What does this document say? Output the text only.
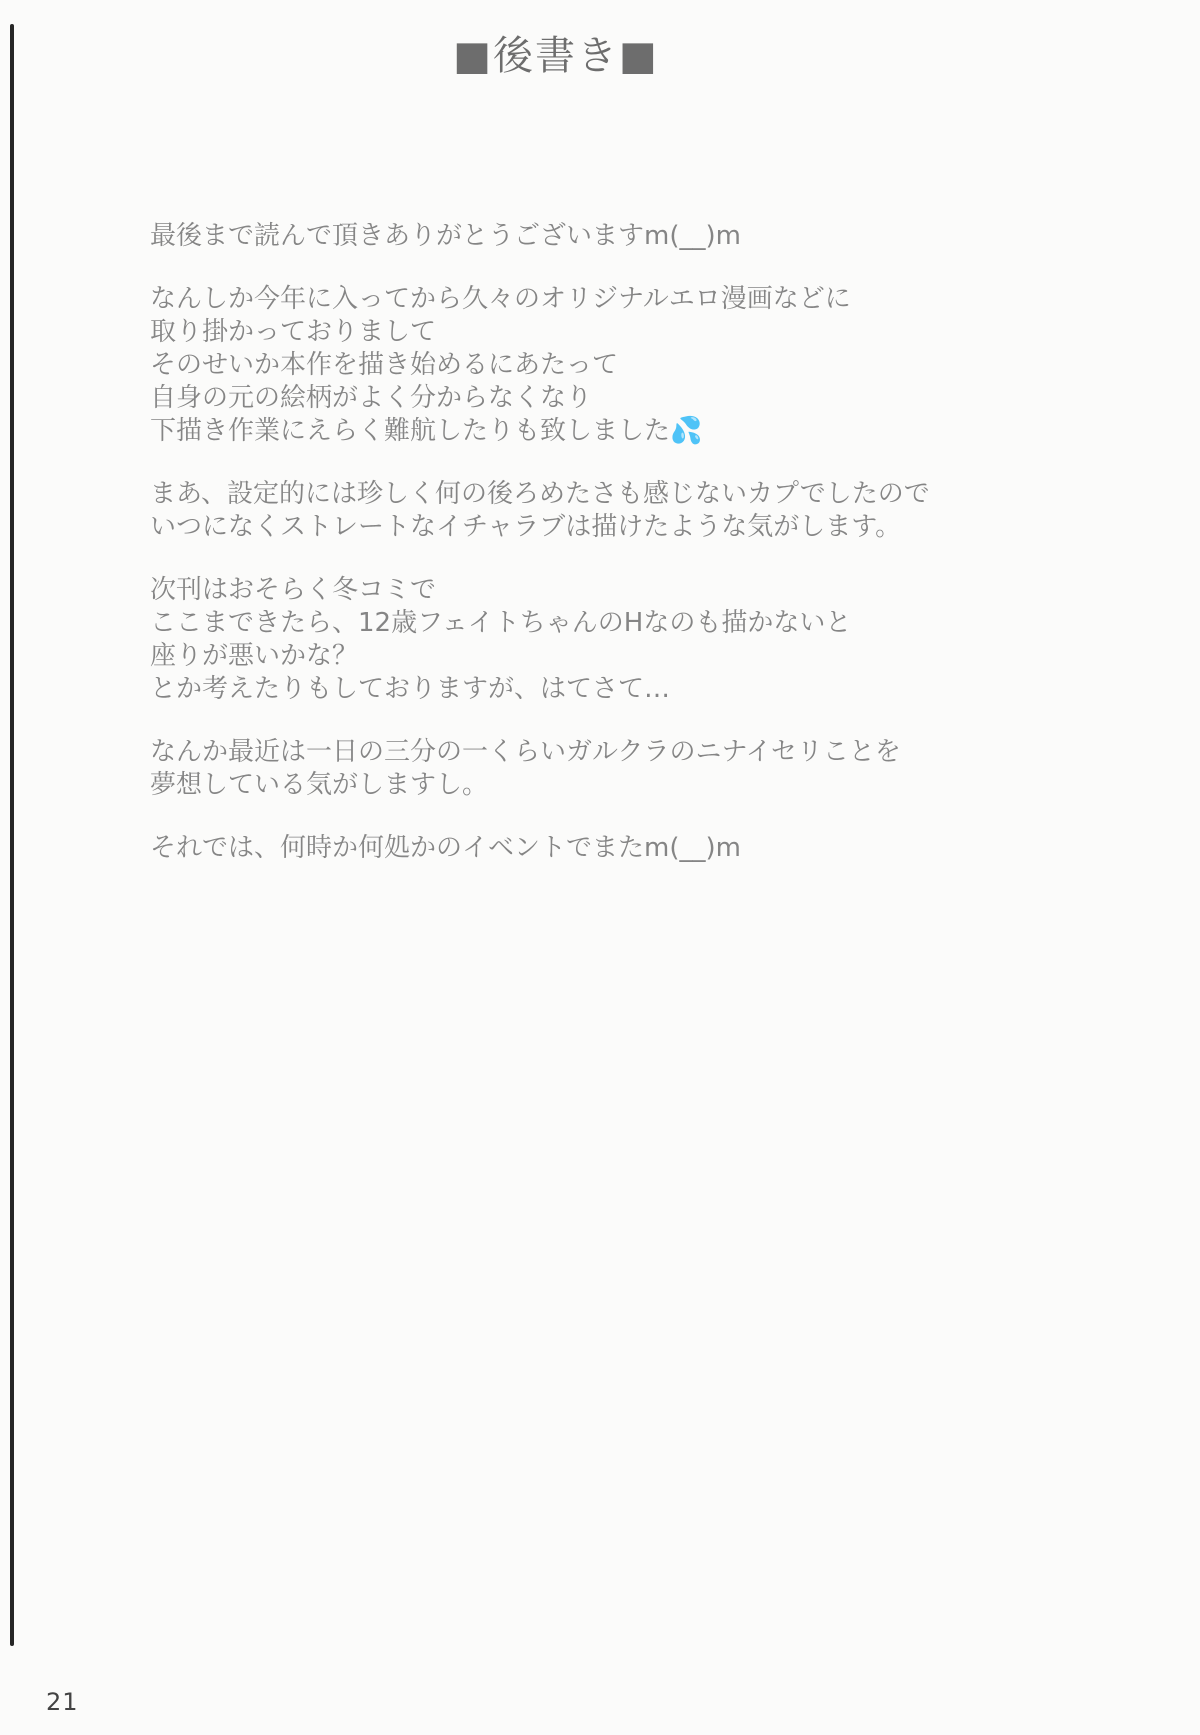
■後書き■

最後まで読んで頂きありがとうございますm(__)m

なんしか今年に入ってから久々のオリジナルエロ漫画などに
取り掛かっておりまして
そのせいか本作を描き始めるにあたって
自身の元の絵柄がよく分からなくなり
下描き作業にえらく難航したりも致しました💦

まあ、設定的には珍しく何の後ろめたさも感じないカプでしたので
いつになくストレートなイチャラブは描けたような気がします。

次刊はおそらく冬コミで
ここまできたら、12歳フェイトちゃんのHなのも描かないと
座りが悪いかな？
とか考えたりもしておりますが、はてさて…

なんか最近は一日の三分の一くらいガルクラのニナイセリことを
夢想している気がしますし。

それでは、何時か何処かのイベントでまたm(__)m

21
